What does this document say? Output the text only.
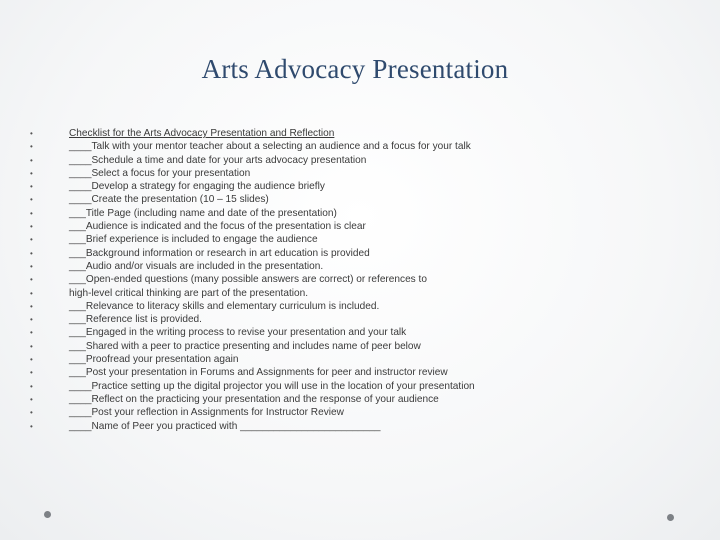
Arts Advocacy Presentation
•	Checklist for the Arts Advocacy Presentation and Reflection
•	____Talk with your mentor teacher about a selecting an audience and a focus for your talk
•	____Schedule a time and date for your arts advocacy presentation
•	____Select a focus for your presentation
•	____Develop a strategy for engaging the audience briefly
•	____Create the presentation (10 – 15 slides)
•	___Title Page (including name and date of the presentation)
•	___Audience is indicated and the focus of the presentation is clear
•	___Brief experience is included to engage the audience
•	___Background information or research in art education is provided
•	___Audio and/or visuals are included in the presentation.
•	___Open-ended questions (many possible answers are correct) or references to
•	high-level critical thinking are part of the presentation.
•	___Relevance to literacy skills and elementary curriculum is included.
•	___Reference list is provided.
•	___Engaged in the writing process to revise your presentation and your talk
•	___Shared with a peer to practice presenting and includes name of peer below
•	___Proofread your presentation again
•	___Post your presentation in Forums and Assignments for peer and instructor review
•	____Practice setting up the digital projector you will use in the location of your presentation
•	____Reflect on the practicing your presentation and the response of your audience
•	____Post your reflection in Assignments for Instructor Review
•	____Name of Peer you practiced with _________________________
